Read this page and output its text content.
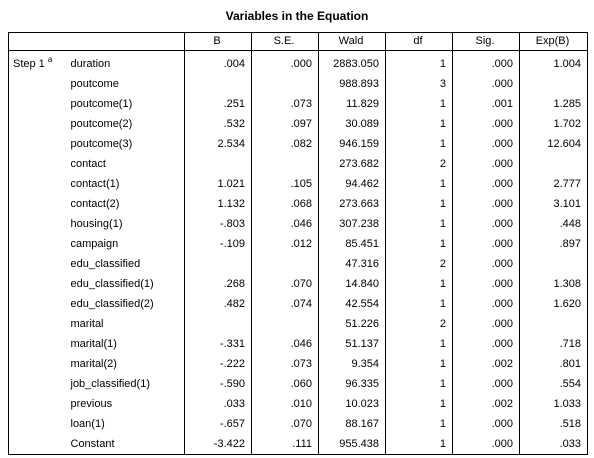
Variables in the Equation
		B	S.E.	Wald	df	Sig.	Exp(B)
Step 1 $^a$	duration	.004	.000	2883.050	1	.000	1.004
	poutcome			988.893	3	.000	
	poutcome(1)	.251	.073	11.829	1	.001	1.285
	poutcome(2)	.532	.097	30.089	1	.000	1.702
	poutcome(3)	2.534	.082	946.159	1	.000	12.604
	contact			273.682	2	.000	
	contact(1)	1.021	.105	94.462	1	.000	2.777
	contact(2)	1.132	.068	273.663	1	.000	3.101
	housing(1)	-.803	.046	307.238	1	.000	.448
	campaign	-.109	.012	85.451	1	.000	.897
	edu_classified			47.316	2	.000	
	edu_classified(1)	.268	.070	14.840	1	.000	1.308
	edu_classified(2)	.482	.074	42.554	1	.000	1.620
	marital			51.226	2	.000	
	marital(1)	-.331	.046	51.137	1	.000	.718
	marital(2)	-.222	.073	9.354	1	.002	.801
	job_classified(1)	-.590	.060	96.335	1	.000	.554
	previous	.033	.010	10.023	1	.002	1.033
	loan(1)	-.657	.070	88.167	1	.000	.518
	Constant	-3.422	.111	955.438	1	.000	.033
